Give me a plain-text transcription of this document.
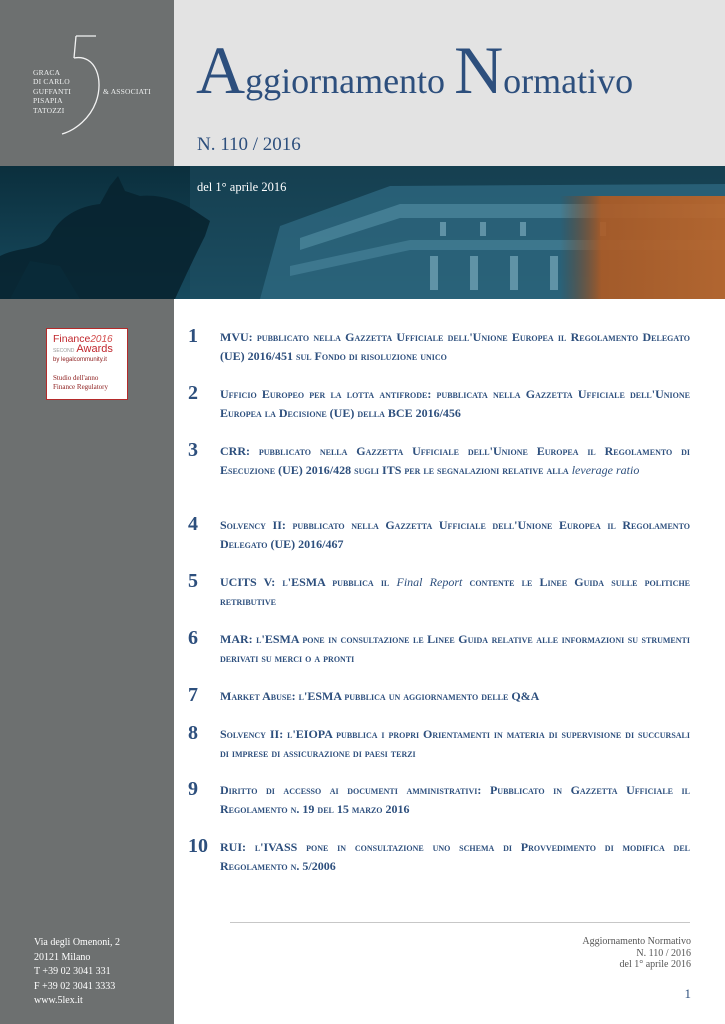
GRACA
DI CARLO
GUFFANTI
PISAPIA
TATOZZI
& ASSOCIATI Aggiornamento Normativo
N. 110 / 2016
del 1° aprile 2016
Finance2016
SECOND Awards
by legalcommunity.it
Studio dell'anno
Finance Regulatory
1 MVU: pubblicato nella Gazzetta Ufficiale dell'Unione Europea il Regolamento Delegato (UE) 2016/451 sul Fondo di risoluzione unico
2 Ufficio Europeo per la lotta antifrode: pubblicata nella Gazzetta Ufficiale dell'Unione Europea la Decisione (UE) della BCE 2016/456
3 CRR: pubblicato nella Gazzetta Ufficiale dell'Unione Europea il Regolamento di Esecuzione (UE) 2016/428 sugli ITS per le segnalazioni relative alla leverage ratio
4 Solvency II: pubblicato nella Gazzetta Ufficiale dell'Unione Europea il Regolamento Delegato (UE) 2016/467
5 UCITS V: l'ESMA pubblica il Final Report contente le Linee Guida sulle politiche retributive
6 MAR: l'ESMA pone in consultazione le Linee Guida relative alle informazioni su strumenti derivati su merci o a pronti
7 Market Abuse: l'ESMA pubblica un aggiornamento delle Q&A
8 Solvency II: l'EIOPA pubblica i propri Orientamenti in materia di supervisione di succursali di imprese di assicurazione di paesi terzi
9 Diritto di accesso ai documenti amministrativi: Pubblicato in Gazzetta Ufficiale il Regolamento n. 19 del 15 marzo 2016
10 RUI: l'IVASS pone in consultazione uno schema di Provvedimento di modifica del Regolamento n. 5/2006
Via degli Omenoni, 2
20121 Milano
T +39 02 3041 331
F +39 02 3041 3333
www.5lex.it
Aggiornamento Normativo
N. 110 / 2016
del 1° aprile 2016
1
